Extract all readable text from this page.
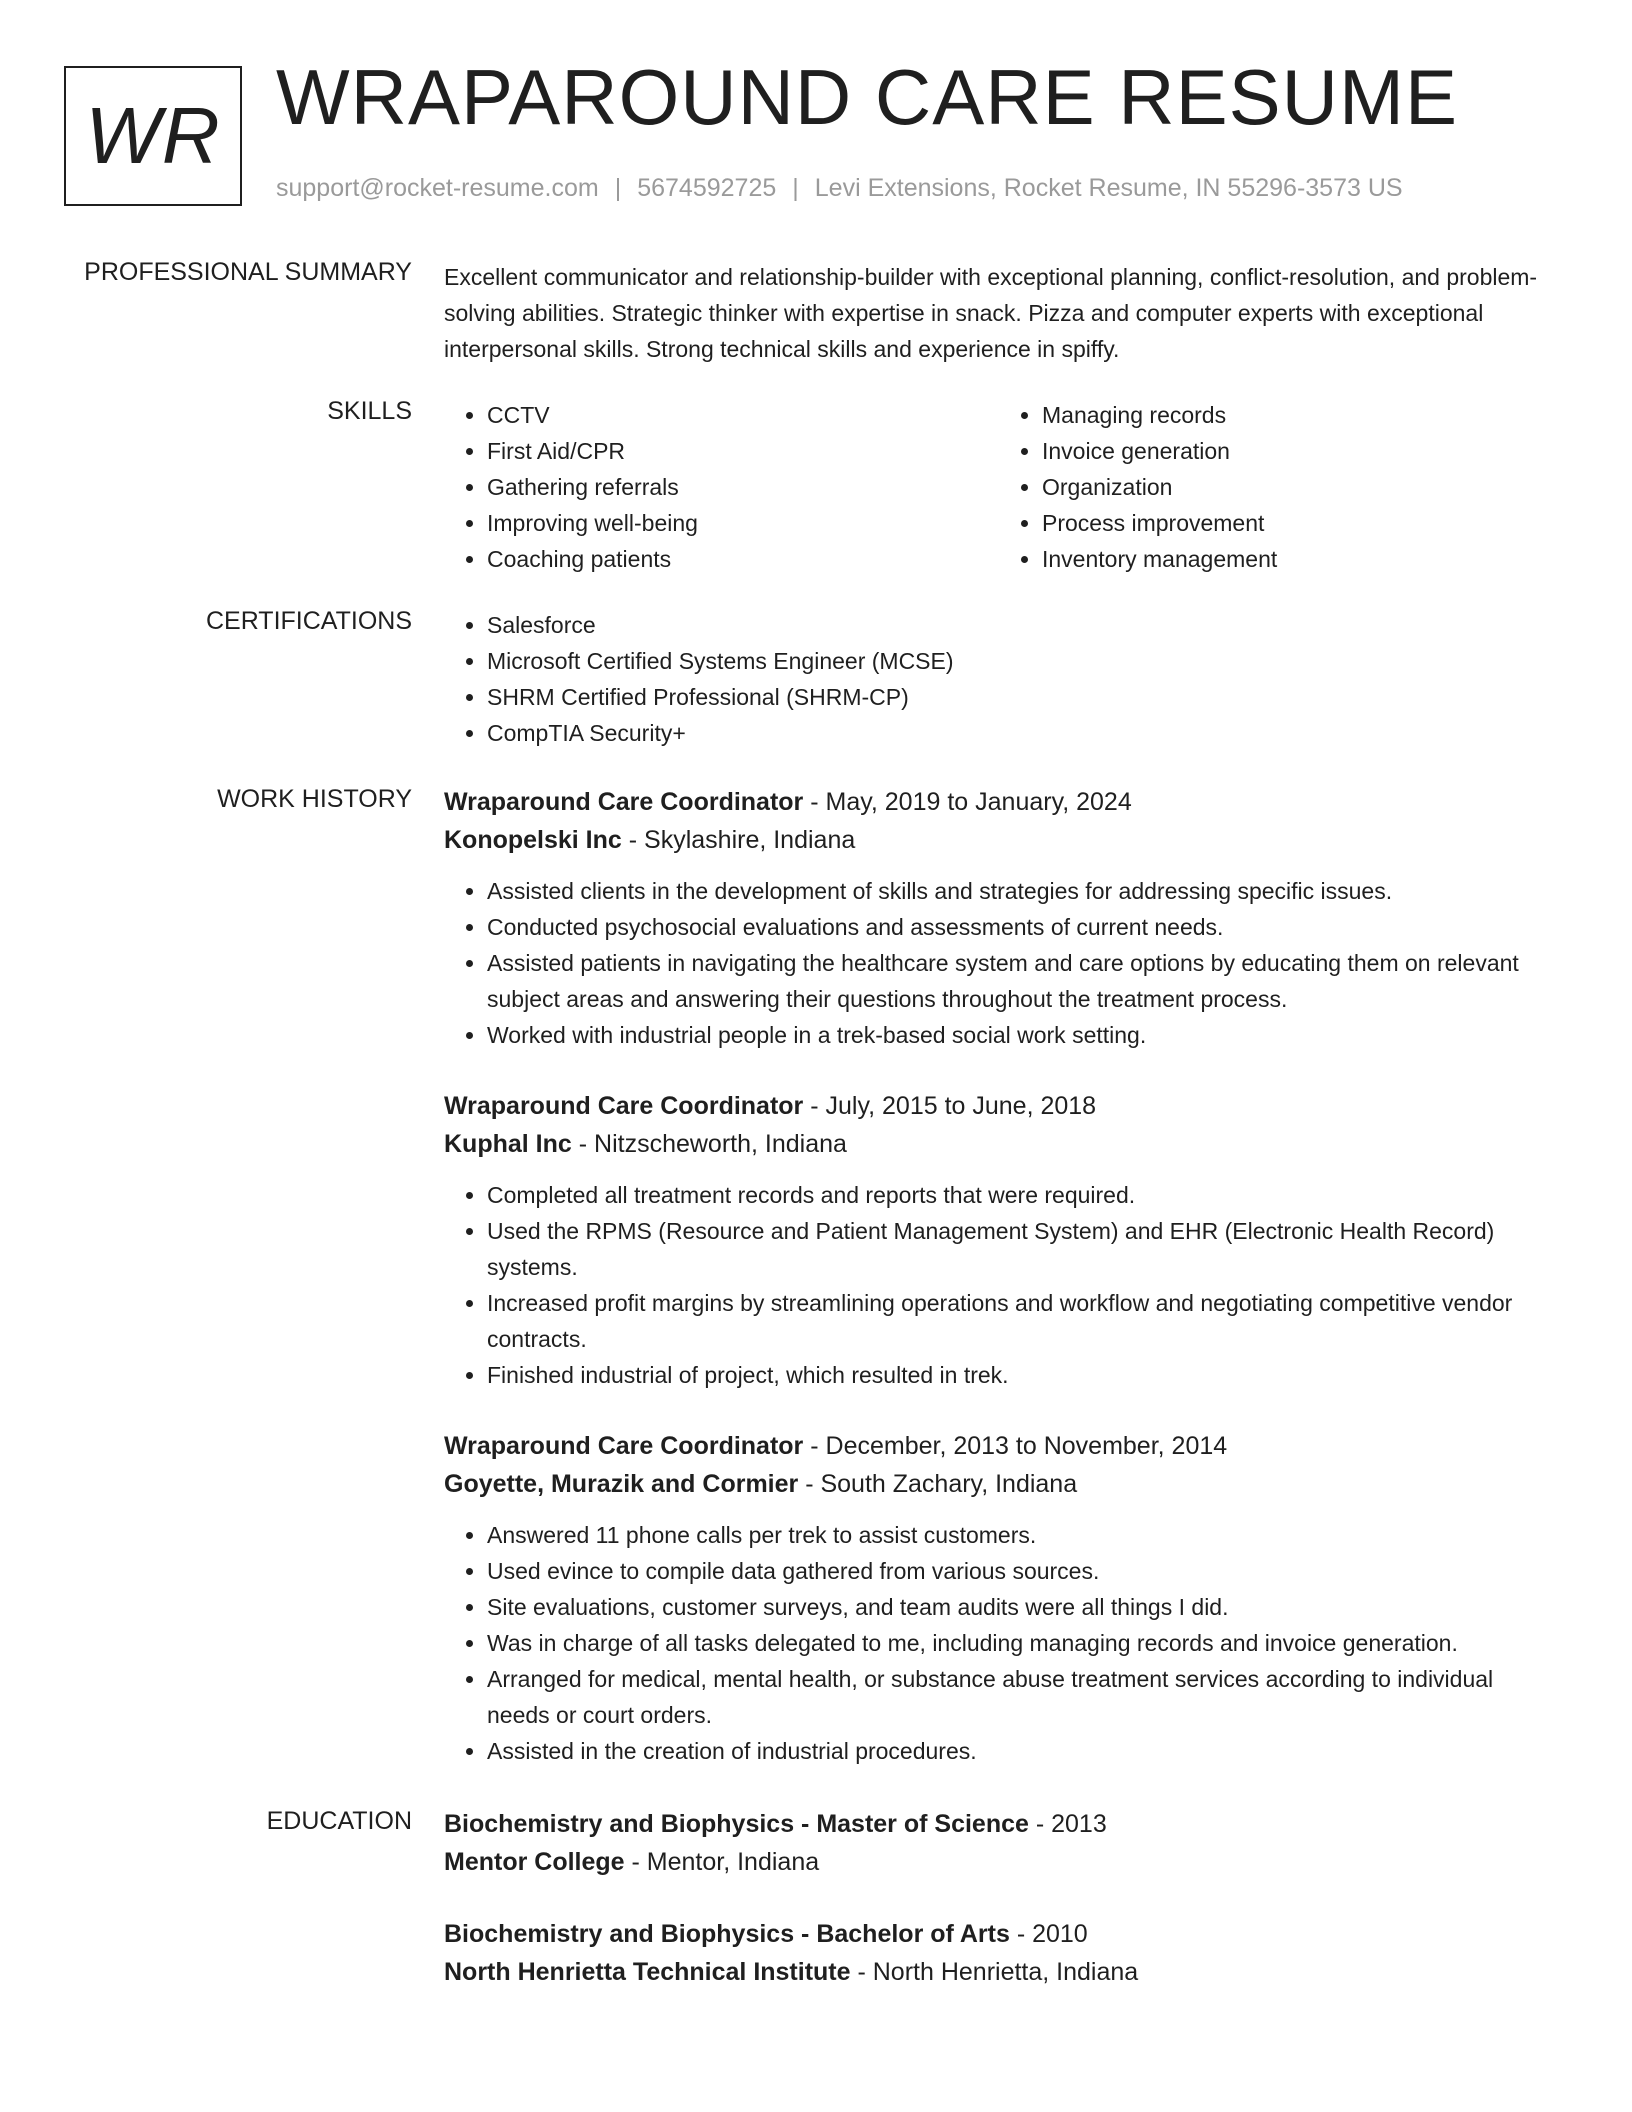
WR WRAPAROUND CARE RESUME
support@rocket-resume.com | 5674592725 | Levi Extensions, Rocket Resume, IN 55296-3573 US
PROFESSIONAL SUMMARY Excellent communicator and relationship-builder with exceptional planning, conflict-resolution, and problem-solving abilities. Strategic thinker with expertise in snack. Pizza and computer experts with exceptional interpersonal skills. Strong technical skills and experience in spiffy.

SKILLS	• CCTV
• First Aid/CPR
• Gathering referrals
• Improving well-being
• Coaching patients
• Managing records
• Invoice generation
• Organization
• Process improvement
• Inventory management
CERTIFICATIONS	• Salesforce
• Microsoft Certified Systems Engineer (MCSE)
• SHRM Certified Professional (SHRM-CP)
• CompTIA Security+
WORK HISTORY Wraparound Care Coordinator - May, 2019 to January, 2024
Konopelski Inc - Skylashire, Indiana
• Assisted clients in the development of skills and strategies for addressing specific issues.
• Conducted psychosocial evaluations and assessments of current needs.
• Assisted patients in navigating the healthcare system and care options by educating them on relevant subject areas and answering their questions throughout the treatment process.
• Worked with industrial people in a trek-based social work setting.
Wraparound Care Coordinator - July, 2015 to June, 2018
Kuphal Inc - Nitzscheworth, Indiana
• Completed all treatment records and reports that were required.
• Used the RPMS (Resource and Patient Management System) and EHR (Electronic Health Record) systems.
• Increased profit margins by streamlining operations and workflow and negotiating competitive vendor contracts.
• Finished industrial of project, which resulted in trek.
Wraparound Care Coordinator - December, 2013 to November, 2014
Goyette, Murazik and Cormier - South Zachary, Indiana
• Answered 11 phone calls per trek to assist customers.
• Used evince to compile data gathered from various sources.
• Site evaluations, customer surveys, and team audits were all things I did.
• Was in charge of all tasks delegated to me, including managing records and invoice generation.
• Arranged for medical, mental health, or substance abuse treatment services according to individual needs or court orders.
• Assisted in the creation of industrial procedures.
EDUCATION Biochemistry and Biophysics - Master of Science - 2013
Mentor College - Mentor, Indiana
Biochemistry and Biophysics - Bachelor of Arts - 2010
North Henrietta Technical Institute - North Henrietta, Indiana
